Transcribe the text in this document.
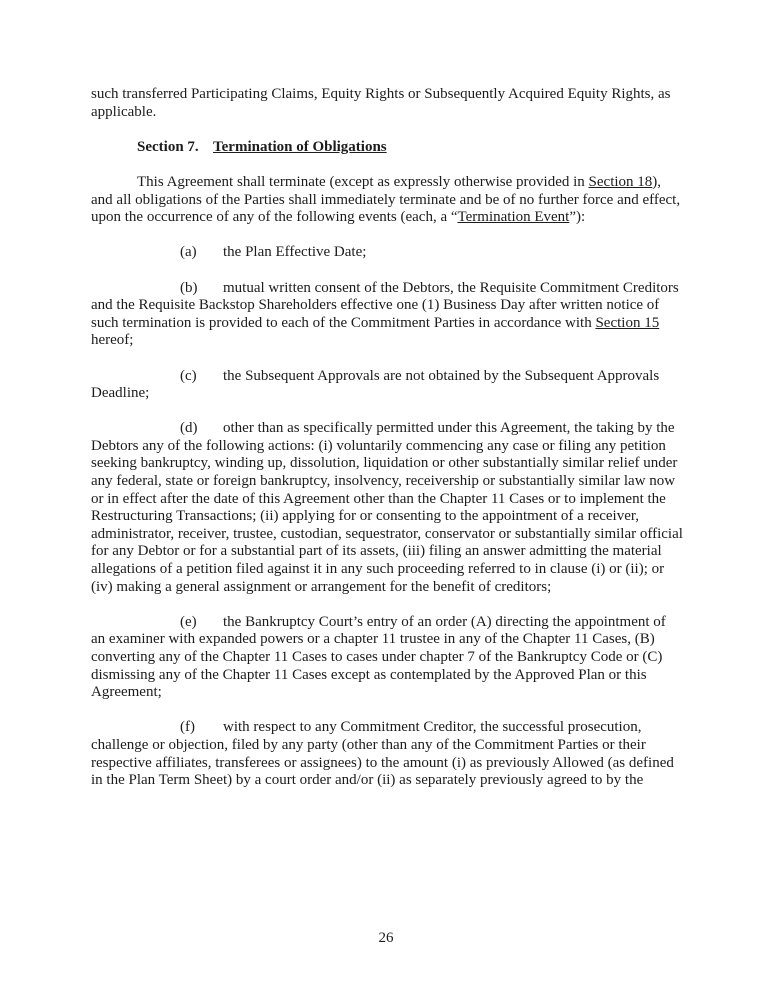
such transferred Participating Claims, Equity Rights or Subsequently Acquired Equity Rights, as applicable.

Section 7. Termination of Obligations

This Agreement shall terminate (except as expressly otherwise provided in Section 18), and all obligations of the Parties shall immediately terminate and be of no further force and effect, upon the occurrence of any of the following events (each, a “Termination Event”):

(a) the Plan Effective Date;

(b) mutual written consent of the Debtors, the Requisite Commitment Creditors and the Requisite Backstop Shareholders effective one (1) Business Day after written notice of such termination is provided to each of the Commitment Parties in accordance with Section 15 hereof;

(c) the Subsequent Approvals are not obtained by the Subsequent Approvals Deadline;

(d) other than as specifically permitted under this Agreement, the taking by the Debtors any of the following actions: (i) voluntarily commencing any case or filing any petition seeking bankruptcy, winding up, dissolution, liquidation or other substantially similar relief under any federal, state or foreign bankruptcy, insolvency, receivership or substantially similar law now or in effect after the date of this Agreement other than the Chapter 11 Cases or to implement the Restructuring Transactions; (ii) applying for or consenting to the appointment of a receiver, administrator, receiver, trustee, custodian, sequestrator, conservator or substantially similar official for any Debtor or for a substantial part of its assets, (iii) filing an answer admitting the material allegations of a petition filed against it in any such proceeding referred to in clause (i) or (ii); or (iv) making a general assignment or arrangement for the benefit of creditors;

(e) the Bankruptcy Court’s entry of an order (A) directing the appointment of an examiner with expanded powers or a chapter 11 trustee in any of the Chapter 11 Cases, (B) converting any of the Chapter 11 Cases to cases under chapter 7 of the Bankruptcy Code or (C) dismissing any of the Chapter 11 Cases except as contemplated by the Approved Plan or this Agreement;

(f) with respect to any Commitment Creditor, the successful prosecution, challenge or objection, filed by any party (other than any of the Commitment Parties or their respective affiliates, transferees or assignees) to the amount (i) as previously Allowed (as defined in the Plan Term Sheet) by a court order and/or (ii) as separately previously agreed to by the

26
